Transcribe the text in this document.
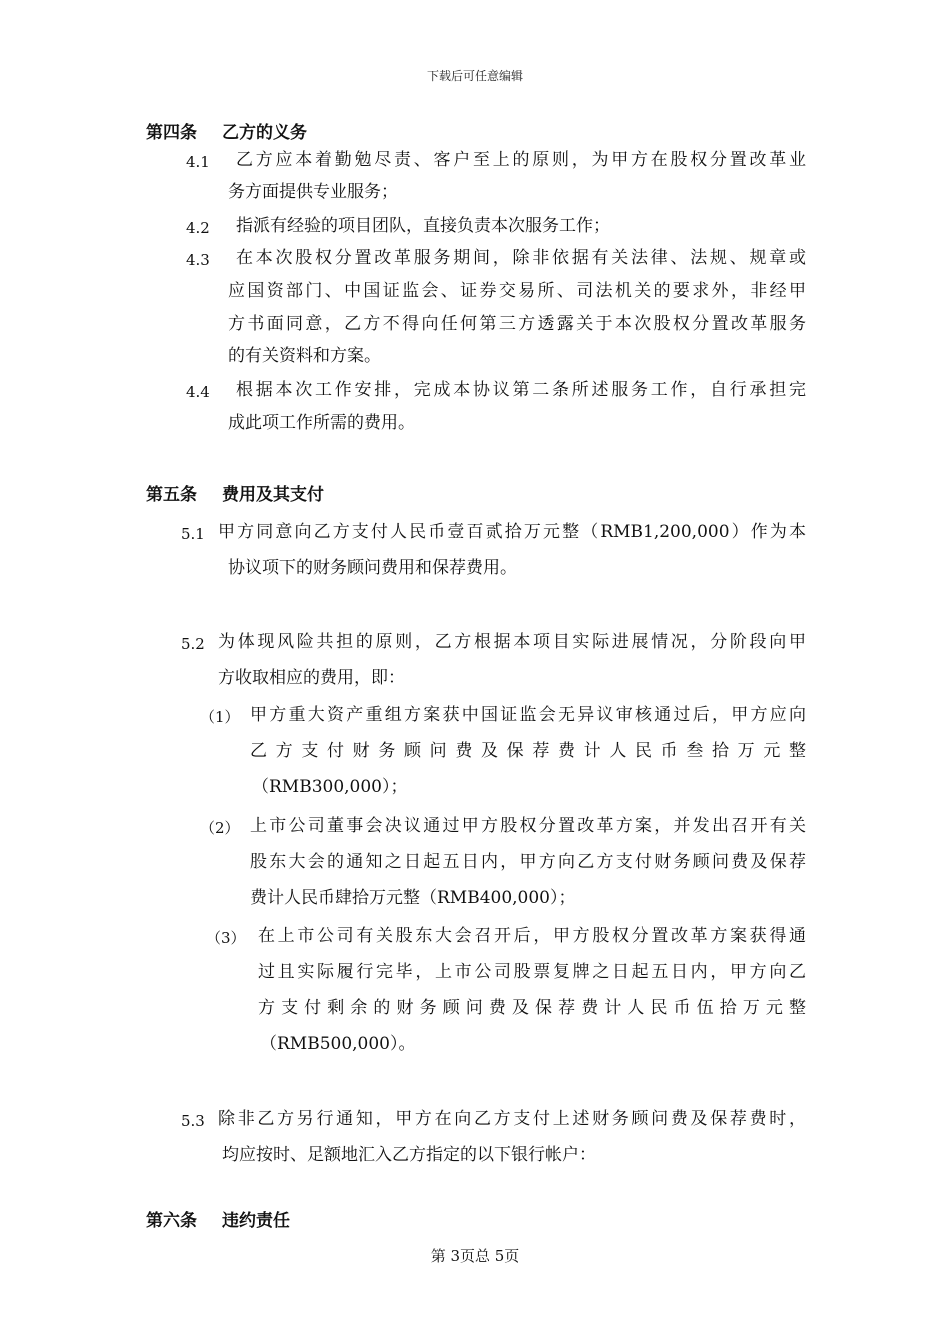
下载后可任意编辑
第四条 乙方的义务
4.1 乙方应本着勤勉尽责、客户至上的原则，为甲方在股权分置改革业
务方面提供专业服务；
4.2 指派有经验的项目团队，直接负责本次服务工作；
4.3 在本次股权分置改革服务期间，除非依据有关法律、法规、规章或
应国资部门、中国证监会、证券交易所、司法机关的要求外，非经甲
方书面同意，乙方不得向任何第三方透露关于本次股权分置改革服务
的有关资料和方案。
4.4 根据本次工作安排，完成本协议第二条所述服务工作，自行承担完
成此项工作所需的费用。
第五条 费用及其支付
5.1 甲方同意向乙方支付人民币壹百贰拾万元整（RMB1,200,000）作为本
协议项下的财务顾问费用和保荐费用。
5.2 为体现风险共担的原则，乙方根据本项目实际进展情况，分阶段向甲
方收取相应的费用，即：
（1） 甲方重大资产重组方案获中国证监会无异议审核通过后，甲方应向
乙方支付财务顾问费及保荐费计人民币叁拾万元整
（RMB300,000）；
（2） 上市公司董事会决议通过甲方股权分置改革方案，并发出召开有关
股东大会的通知之日起五日内，甲方向乙方支付财务顾问费及保荐
费计人民币肆拾万元整（RMB400,000）；
（3） 在上市公司有关股东大会召开后，甲方股权分置改革方案获得通
过且实际履行完毕，上市公司股票复牌之日起五日内，甲方向乙
方支付剩余的财务顾问费及保荐费计人民币伍拾万元整
（RMB500,000）。
5.3 除非乙方另行通知，甲方在向乙方支付上述财务顾问费及保荐费时，
均应按时、足额地汇入乙方指定的以下银行帐户：
第六条 违约责任
第 3页总 5页
